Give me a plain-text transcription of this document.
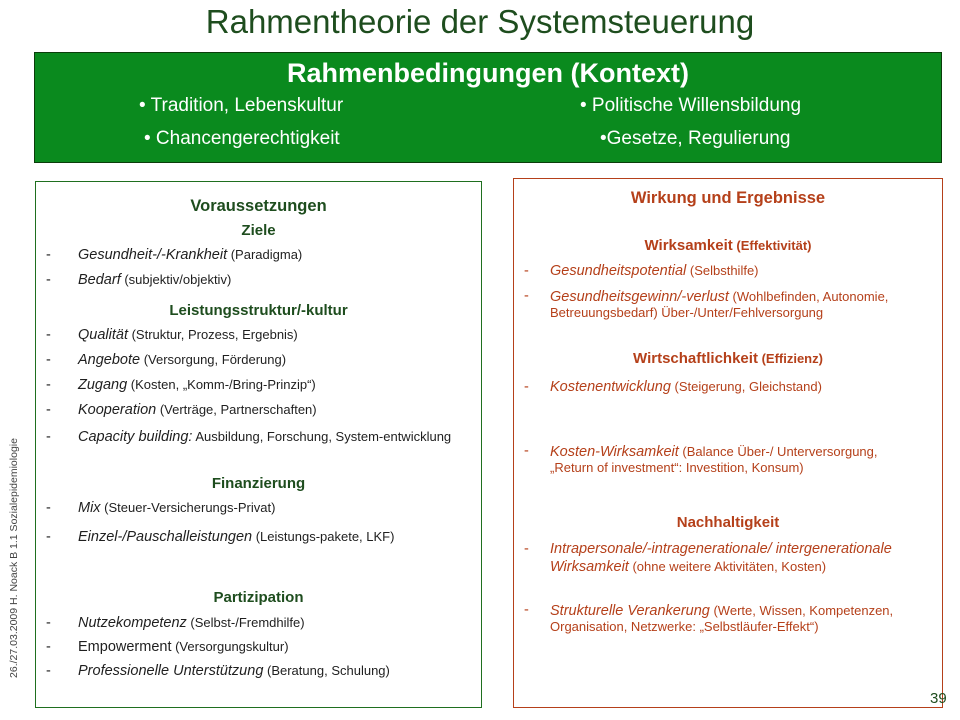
Rahmentheorie der Systemsteuerung
Rahmenbedingungen (Kontext)
• Tradition, Lebenskultur	• Politische Willensbildung
• Chancengerechtigkeit	•Gesetze, Regulierung
26./27.03.2009 H. Noack B 1.1 Sozialepidemiologie
Voraussetzungen
Ziele
- Gesundheit-/-Krankheit (Paradigma)
- Bedarf (subjektiv/objektiv)
Leistungsstruktur/-kultur
- Qualität (Struktur, Prozess, Ergebnis)
- Angebote (Versorgung, Förderung)
- Zugang (Kosten, „Komm-/Bring-Prinzip“)
- Kooperation (Verträge, Partnerschaften)
- Capacity building: Ausbildung, Forschung, System-entwicklung
Finanzierung
- Mix (Steuer-Versicherungs-Privat)
- Einzel-/Pauschalleistungen (Leistungs-pakete, LKF)
Partizipation
- Nutzekompetenz (Selbst-/Fremdhilfe)
- Empowerment (Versorgungskultur)
- Professionelle Unterstützung (Beratung, Schulung)
Wirkung und Ergebnisse
Wirksamkeit (Effektivität)
- Gesundheitspotential (Selbsthilfe)
- Gesundheitsgewinn/-verlust (Wohlbefinden, Autonomie, Betreuungsbedarf) Über-/Unter/Fehlversorgung
Wirtschaftlichkeit (Effizienz)
- Kostenentwicklung (Steigerung, Gleichstand)
- Kosten-Wirksamkeit (Balance Über-/ Unterversorgung, „Return of investment“: Investition, Konsum)
Nachhaltigkeit
- Intrapersonale/-intragenerationale/ intergenerationale Wirksamkeit (ohne weitere Aktivitäten, Kosten)
- Strukturelle Verankerung (Werte, Wissen, Kompetenzen, Organisation, Netzwerke: „Selbstläufer-Effekt“)
39
